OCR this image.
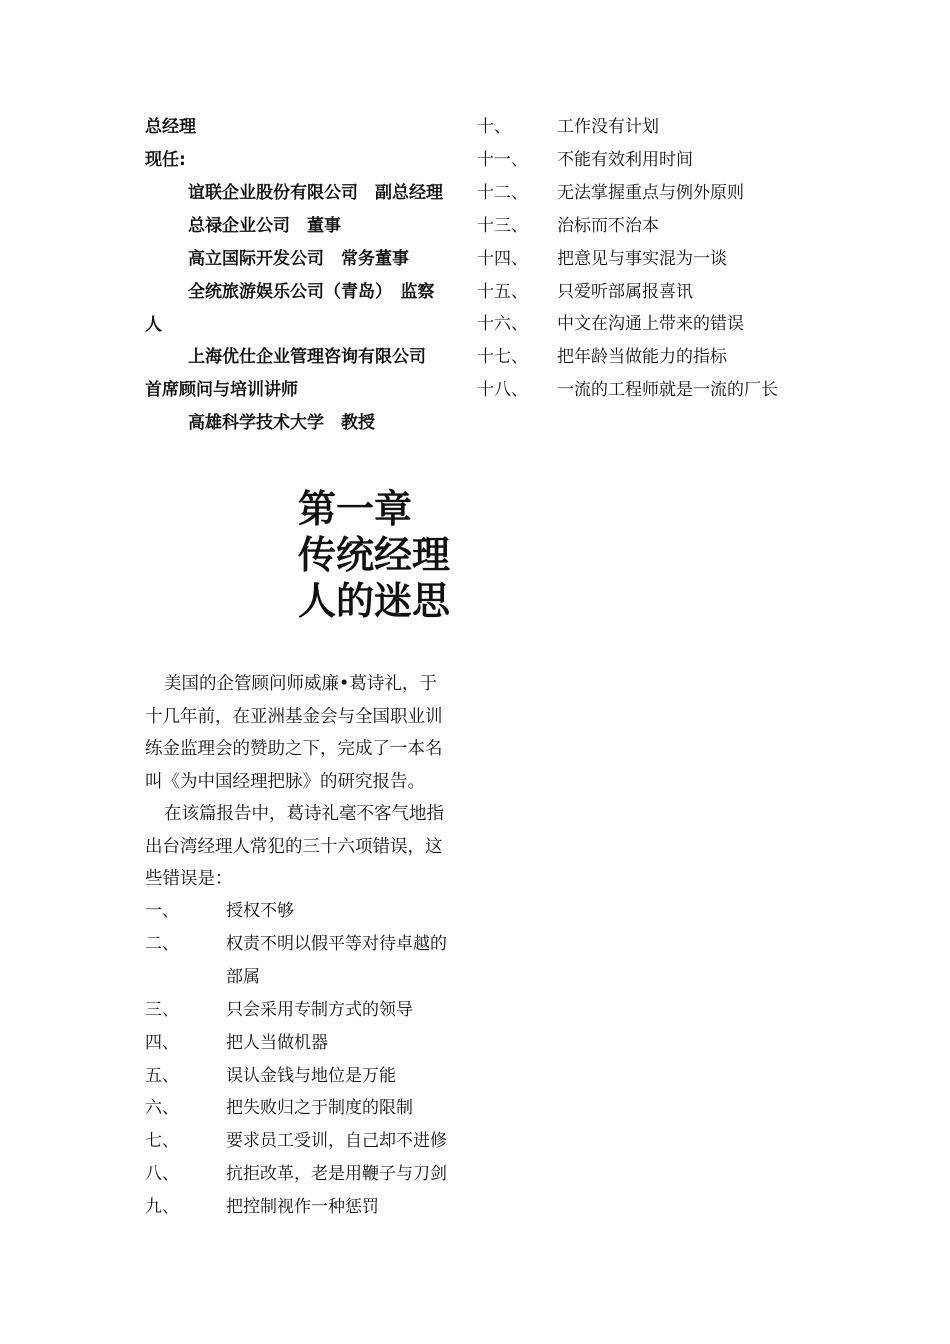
总经理
现任:
谊联企业股份有限公司　副总经理
总禄企业公司　董事
高立国际开发公司　常务董事
全统旅游娱乐公司（青岛）　监察
人
上海优仕企业管理咨询有限公司
首席顾问与培训讲师
高雄科学技术大学　教授
十、	工作没有计划
十一、 不能有效利用时间
十二、 无法掌握重点与例外原则
十三、 治标而不治本
十四、 把意见与事实混为一谈
十五、 只爱听部属报喜讯
十六、 中文在沟通上带来的错误
十七、 把年龄当做能力的指标
十八、 一流的工程师就是一流的厂长
第一章
传统经理
人的迷思
美国的企管顾问师威廉•葛诗礼，于
十几年前，在亚洲基金会与全国职业训
练金监理会的赞助之下，完成了一本名
叫《为中国经理把脉》的研究报告。
在该篇报告中，葛诗礼毫不客气地指
出台湾经理人常犯的三十六项错误，这
些错误是：
一、	授权不够
二、	权责不明以假平等对待卓越的
部属
三、	只会采用专制方式的领导
四、	把人当做机器
五、	误认金钱与地位是万能
六、	把失败归之于制度的限制
七、	要求员工受训，自己却不进修
八、	抗拒改革，老是用鞭子与刀剑
九、	把控制视作一种惩罚
